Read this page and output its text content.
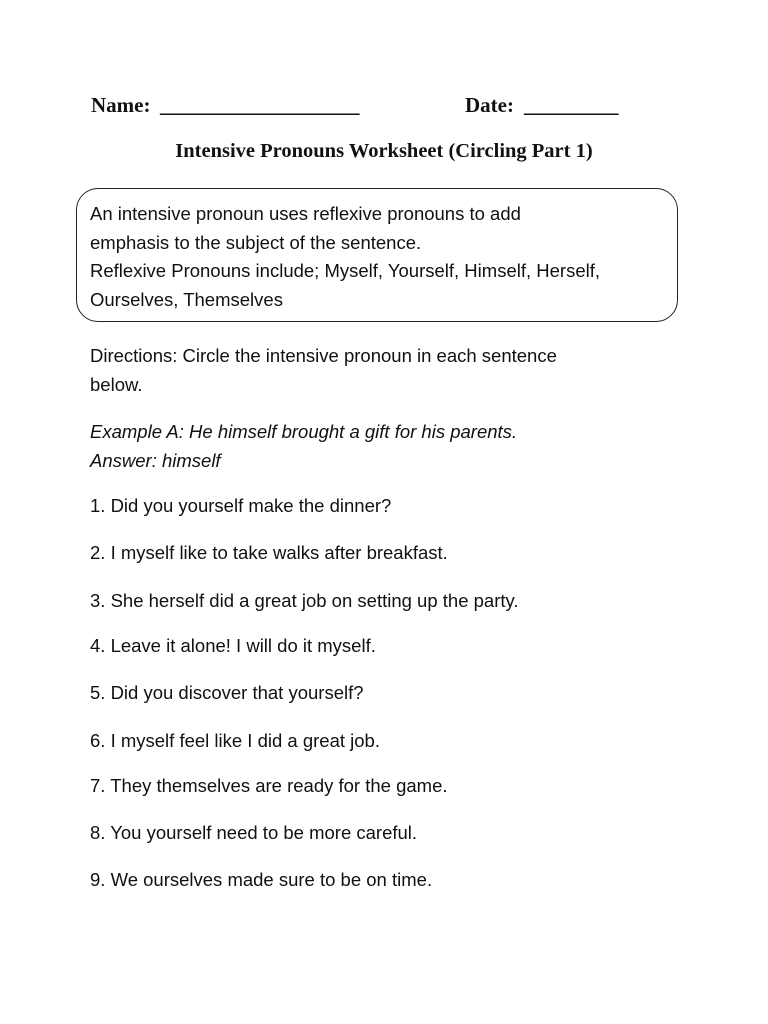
Name: ___________________	Date: _________
Intensive Pronouns Worksheet (Circling Part 1)
An intensive pronoun uses reflexive pronouns to add
emphasis to the subject of the sentence.
Reflexive Pronouns include; Myself, Yourself, Himself, Herself,
Ourselves, Themselves
Directions: Circle the intensive pronoun in each sentence
below.
Example A: He himself brought a gift for his parents.
Answer: himself
1. Did you yourself make the dinner?
2. I myself like to take walks after breakfast.
3. She herself did a great job on setting up the party.
4. Leave it alone! I will do it myself.
5. Did you discover that yourself?
6. I myself feel like I did a great job.
7. They themselves are ready for the game.
8. You yourself need to be more careful.
9. We ourselves made sure to be on time.
